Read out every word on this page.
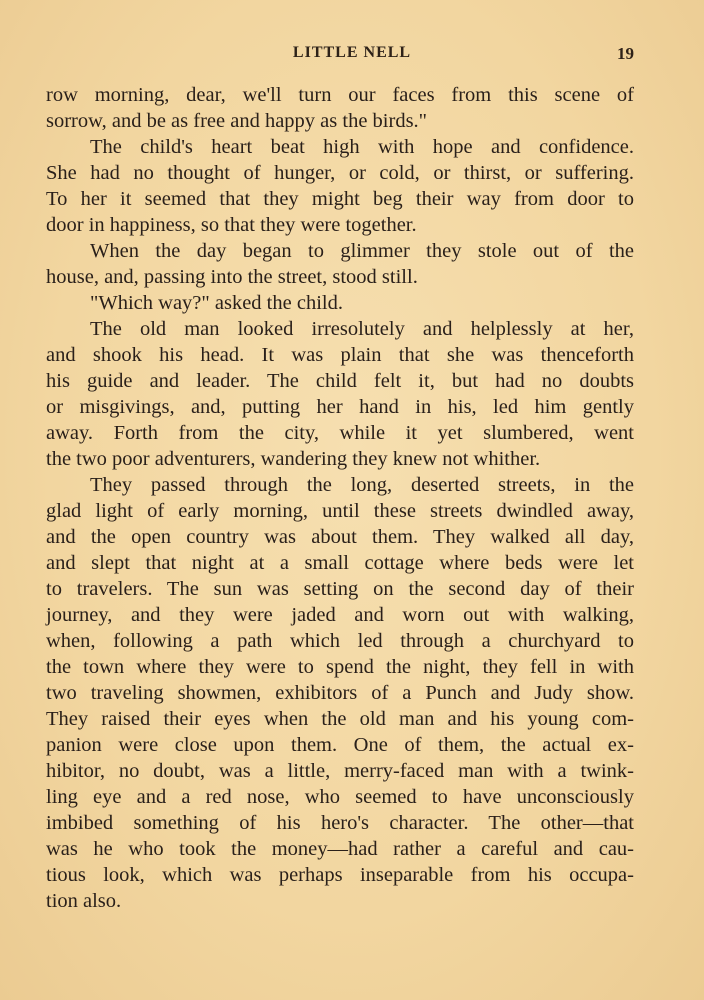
LITTLE NELL	19
row morning, dear, we'll turn our faces from this scene of
sorrow, and be as free and happy as the birds."
The child's heart beat high with hope and confidence.
She had no thought of hunger, or cold, or thirst, or suffering.
To her it seemed that they might beg their way from door to
door in happiness, so that they were together.
When the day began to glimmer they stole out of the
house, and, passing into the street, stood still.
"Which way?" asked the child.
The old man looked irresolutely and helplessly at her,
and shook his head. It was plain that she was thenceforth
his guide and leader. The child felt it, but had no doubts
or misgivings, and, putting her hand in his, led him gently
away. Forth from the city, while it yet slumbered, went
the two poor adventurers, wandering they knew not whither.
They passed through the long, deserted streets, in the
glad light of early morning, until these streets dwindled away,
and the open country was about them. They walked all day,
and slept that night at a small cottage where beds were let
to travelers. The sun was setting on the second day of their
journey, and they were jaded and worn out with walking,
when, following a path which led through a churchyard to
the town where they were to spend the night, they fell in with
two traveling showmen, exhibitors of a Punch and Judy show.
They raised their eyes when the old man and his young com-
panion were close upon them. One of them, the actual ex-
hibitor, no doubt, was a little, merry-faced man with a twink-
ling eye and a red nose, who seemed to have unconsciously
imbibed something of his hero's character. The other—that
was he who took the money—had rather a careful and cau-
tious look, which was perhaps inseparable from his occupa-
tion also.
